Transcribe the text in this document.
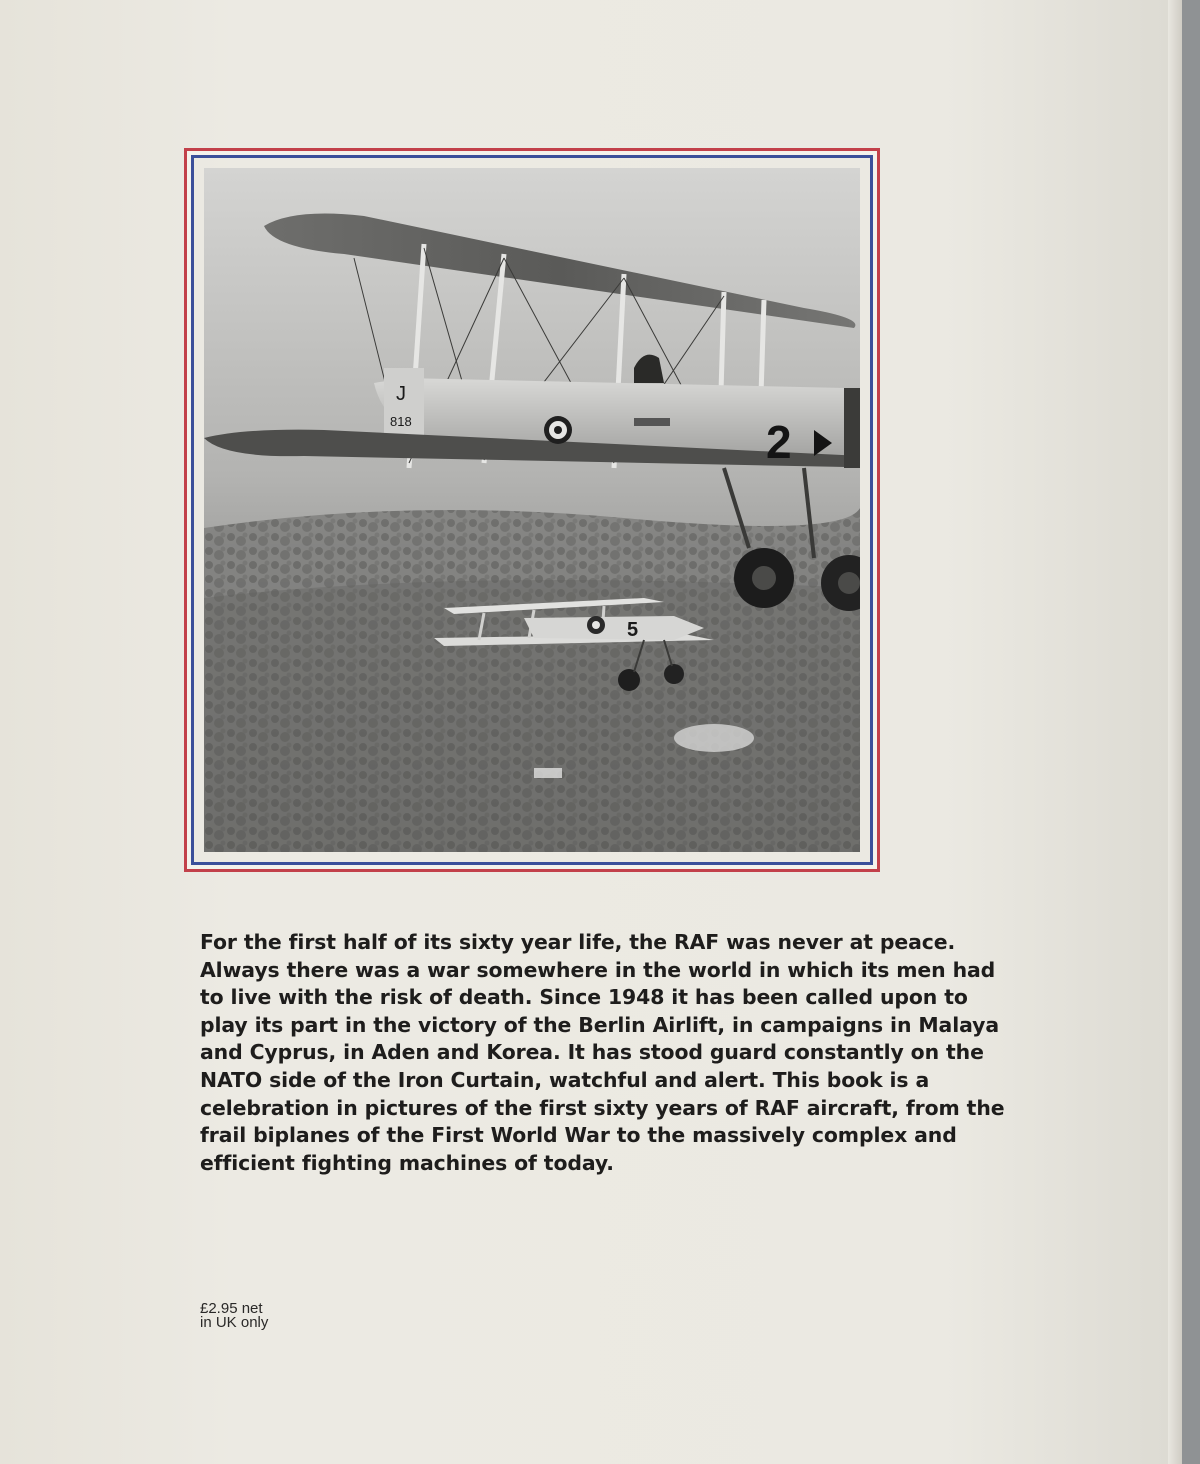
J
818	2
5

For the first half of its sixty year life, the RAF was never at peace. Always there was a war somewhere in the world in which its men had to live with the risk of death. Since 1948 it has been called upon to play its part in the victory of the Berlin Airlift, in campaigns in Malaya and Cyprus, in Aden and Korea. It has stood guard constantly on the NATO side of the Iron Curtain, watchful and alert. This book is a celebration in pictures of the first sixty years of RAF aircraft, from the frail biplanes of the First World War to the massively complex and efficient fighting machines of today.

£2.95 net
in UK only
